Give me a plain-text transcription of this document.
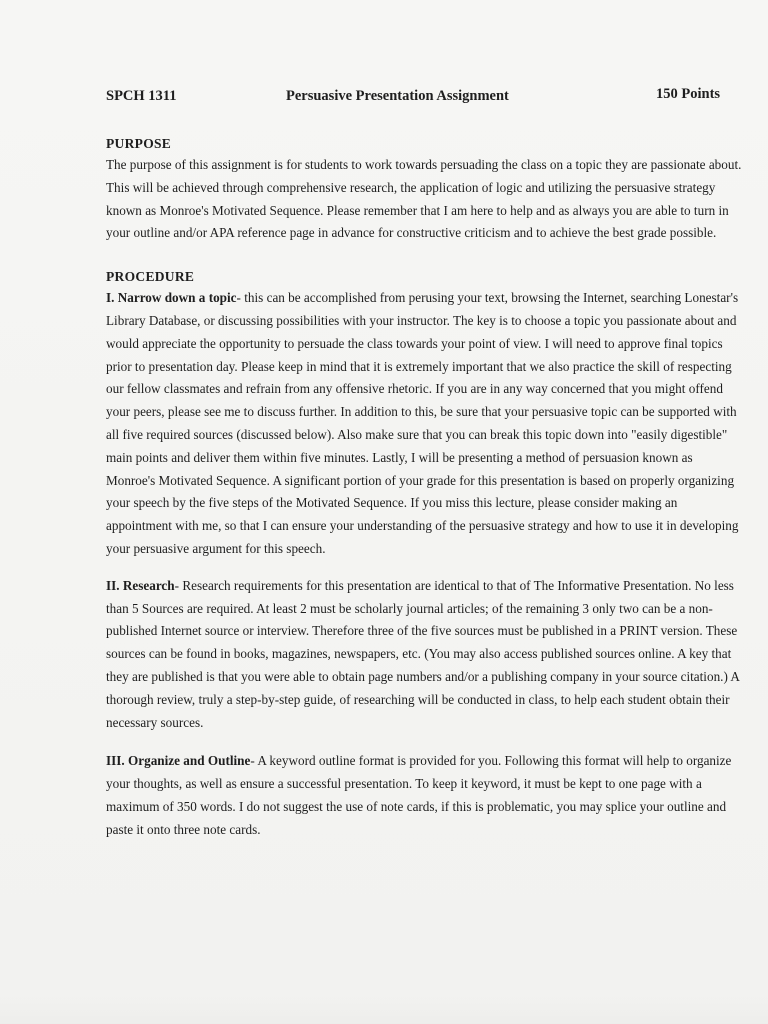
SPCH 1311	Persuasive Presentation Assignment	150 Points
PURPOSE

The purpose of this assignment is for students to work towards persuading the class on a topic they are passionate about. This will be achieved through comprehensive research, the application of logic and utilizing the persuasive strategy known as Monroe's Motivated Sequence. Please remember that I am here to help and as always you are able to turn in your outline and/or APA reference page in advance for constructive criticism and to achieve the best grade possible.

PROCEDURE

I. Narrow down a topic- this can be accomplished from perusing your text, browsing the Internet, searching Lonestar's Library Database, or discussing possibilities with your instructor. The key is to choose a topic you passionate about and would appreciate the opportunity to persuade the class towards your point of view. I will need to approve final topics prior to presentation day. Please keep in mind that it is extremely important that we also practice the skill of respecting our fellow classmates and refrain from any offensive rhetoric. If you are in any way concerned that you might offend your peers, please see me to discuss further. In addition to this, be sure that your persuasive topic can be supported with all five required sources (discussed below). Also make sure that you can break this topic down into "easily digestible" main points and deliver them within five minutes. Lastly, I will be presenting a method of persuasion known as Monroe's Motivated Sequence. A significant portion of your grade for this presentation is based on properly organizing your speech by the five steps of the Motivated Sequence. If you miss this lecture, please consider making an appointment with me, so that I can ensure your understanding of the persuasive strategy and how to use it in developing your persuasive argument for this speech.

II. Research- Research requirements for this presentation are identical to that of The Informative Presentation. No less than 5 Sources are required. At least 2 must be scholarly journal articles; of the remaining 3 only two can be a non-published Internet source or interview. Therefore three of the five sources must be published in a PRINT version. These sources can be found in books, magazines, newspapers, etc. (You may also access published sources online. A key that they are published is that you were able to obtain page numbers and/or a publishing company in your source citation.) A thorough review, truly a step-by-step guide, of researching will be conducted in class, to help each student obtain their necessary sources.

III. Organize and Outline- A keyword outline format is provided for you. Following this format will help to organize your thoughts, as well as ensure a successful presentation. To keep it keyword, it must be kept to one page with a maximum of 350 words. I do not suggest the use of note cards, if this is problematic, you may splice your outline and paste it onto three note cards.
